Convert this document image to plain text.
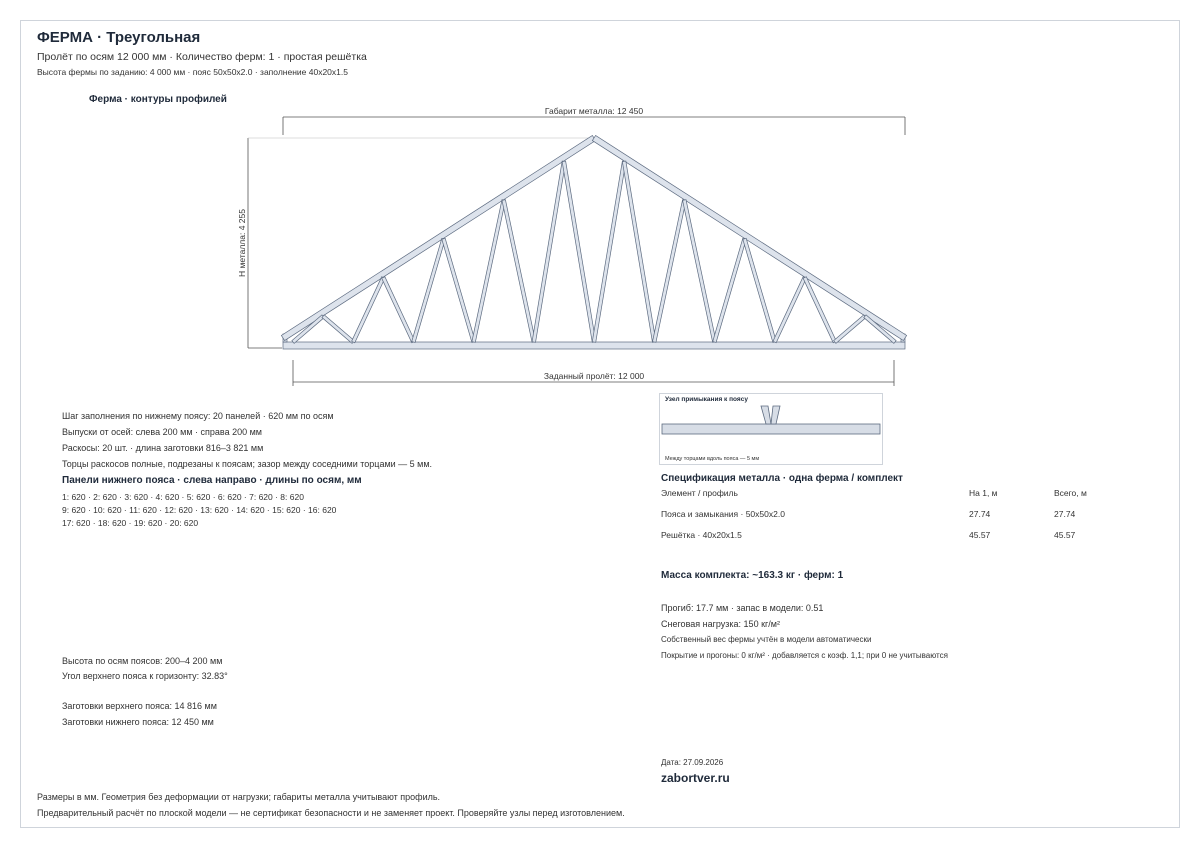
ФЕРМА · Треугольная
Пролёт по осям 12 000 мм · Количество ферм: 1 · простая решётка
Высота фермы по заданию: 4 000 мм · пояс 50x50x2.0 · заполнение 40x20x1.5
Ферма · контуры профилей
Габарит металла: 12 450
H металла: 4 255
Заданный пролёт: 12 000
Шаг заполнения по нижнему поясу: 20 панелей · 620 мм по осям
Выпуски от осей: слева 200 мм · справа 200 мм
Раскосы: 20 шт. · длина заготовки 816–3 821 мм
Торцы раскосов полные, подрезаны к поясам; зазор между соседними торцами — 5 мм.
Панели нижнего пояса · слева направо · длины по осям, мм
1: 620 · 2: 620 · 3: 620 · 4: 620 · 5: 620 · 6: 620 · 7: 620 · 8: 620
9: 620 · 10: 620 · 11: 620 · 12: 620 · 13: 620 · 14: 620 · 15: 620 · 16: 620
17: 620 · 18: 620 · 19: 620 · 20: 620
Узел примыкания к поясу
Между торцами вдоль пояса — 5 мм
Спецификация металла · одна ферма / комплект
Элемент / профиль	На 1, м	Всего, м
Пояса и замыкания · 50x50x2.0	27.74	27.74
Решётка · 40x20x1.5	45.57	45.57
Масса комплекта: ~163.3 кг · ферм: 1
Прогиб: 17.7 мм · запас в модели: 0.51
Снеговая нагрузка: 150 кг/м²
Собственный вес фермы учтён в модели автоматически
Покрытие и прогоны: 0 кг/м² · добавляется с коэф. 1,1; при 0 не учитываются
Высота по осям поясов: 200–4 200 мм
Угол верхнего пояса к горизонту: 32.83°
Заготовки верхнего пояса: 14 816 мм
Заготовки нижнего пояса: 12 450 мм
Дата: 27.09.2026
zabortver.ru
Размеры в мм. Геометрия без деформации от нагрузки; габариты металла учитывают профиль.
Предварительный расчёт по плоской модели — не сертификат безопасности и не заменяет проект. Проверяйте узлы перед изготовлением.
